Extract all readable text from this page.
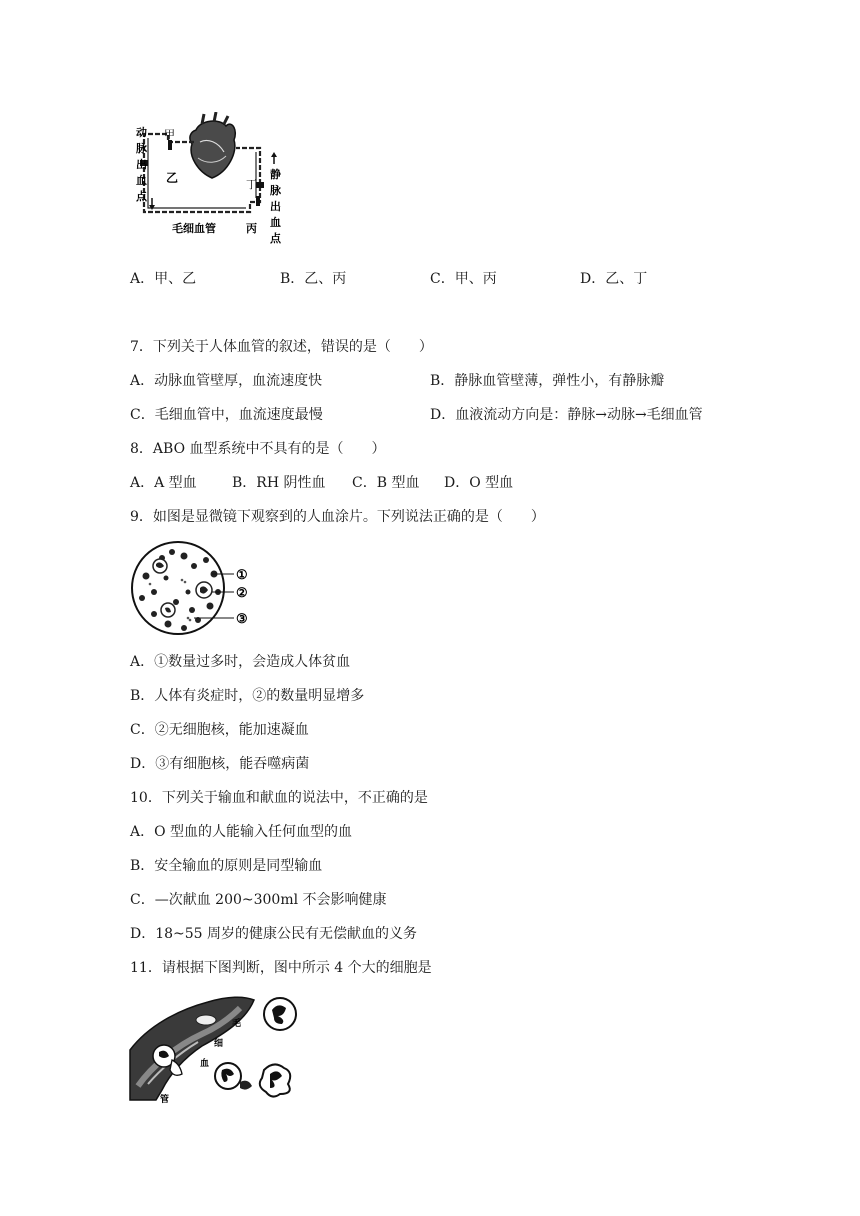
动
脉
出
血
点
甲
乙	丁
丙
毛细血管
静
脉
出
血
点
A．甲、乙	B．乙、丙	C．甲、丙	D．乙、丁
7．下列关于人体血管的叙述，错误的是（　　）
A．动脉血管壁厚，血流速度快	B．静脉血管壁薄，弹性小，有静脉瓣
C．毛细血管中，血流速度最慢	D．血液流动方向是：静脉→动脉→毛细血管
8．ABO 血型系统中不具有的是（　　）
A．A 型血	B．RH 阴性血 C．B 型血 D．O 型血
9．如图是显微镜下观察到的人血涂片。下列说法正确的是（　　）
①
②
③
A．①数量过多时，会造成人体贫血
B．人体有炎症时，②的数量明显增多
C．②无细胞核，能加速凝血
D．③有细胞核，能吞噬病菌
10．下列关于输血和献血的说法中，不正确的是
A．O 型血的人能输入任何血型的血
B．安全输血的原则是同型输血
C．—次献血 200~300ml 不会影响健康
D．18~55 周岁的健康公民有无偿献血的义务
11．请根据下图判断，图中所示 4 个大的细胞是
毛
细
血
管
